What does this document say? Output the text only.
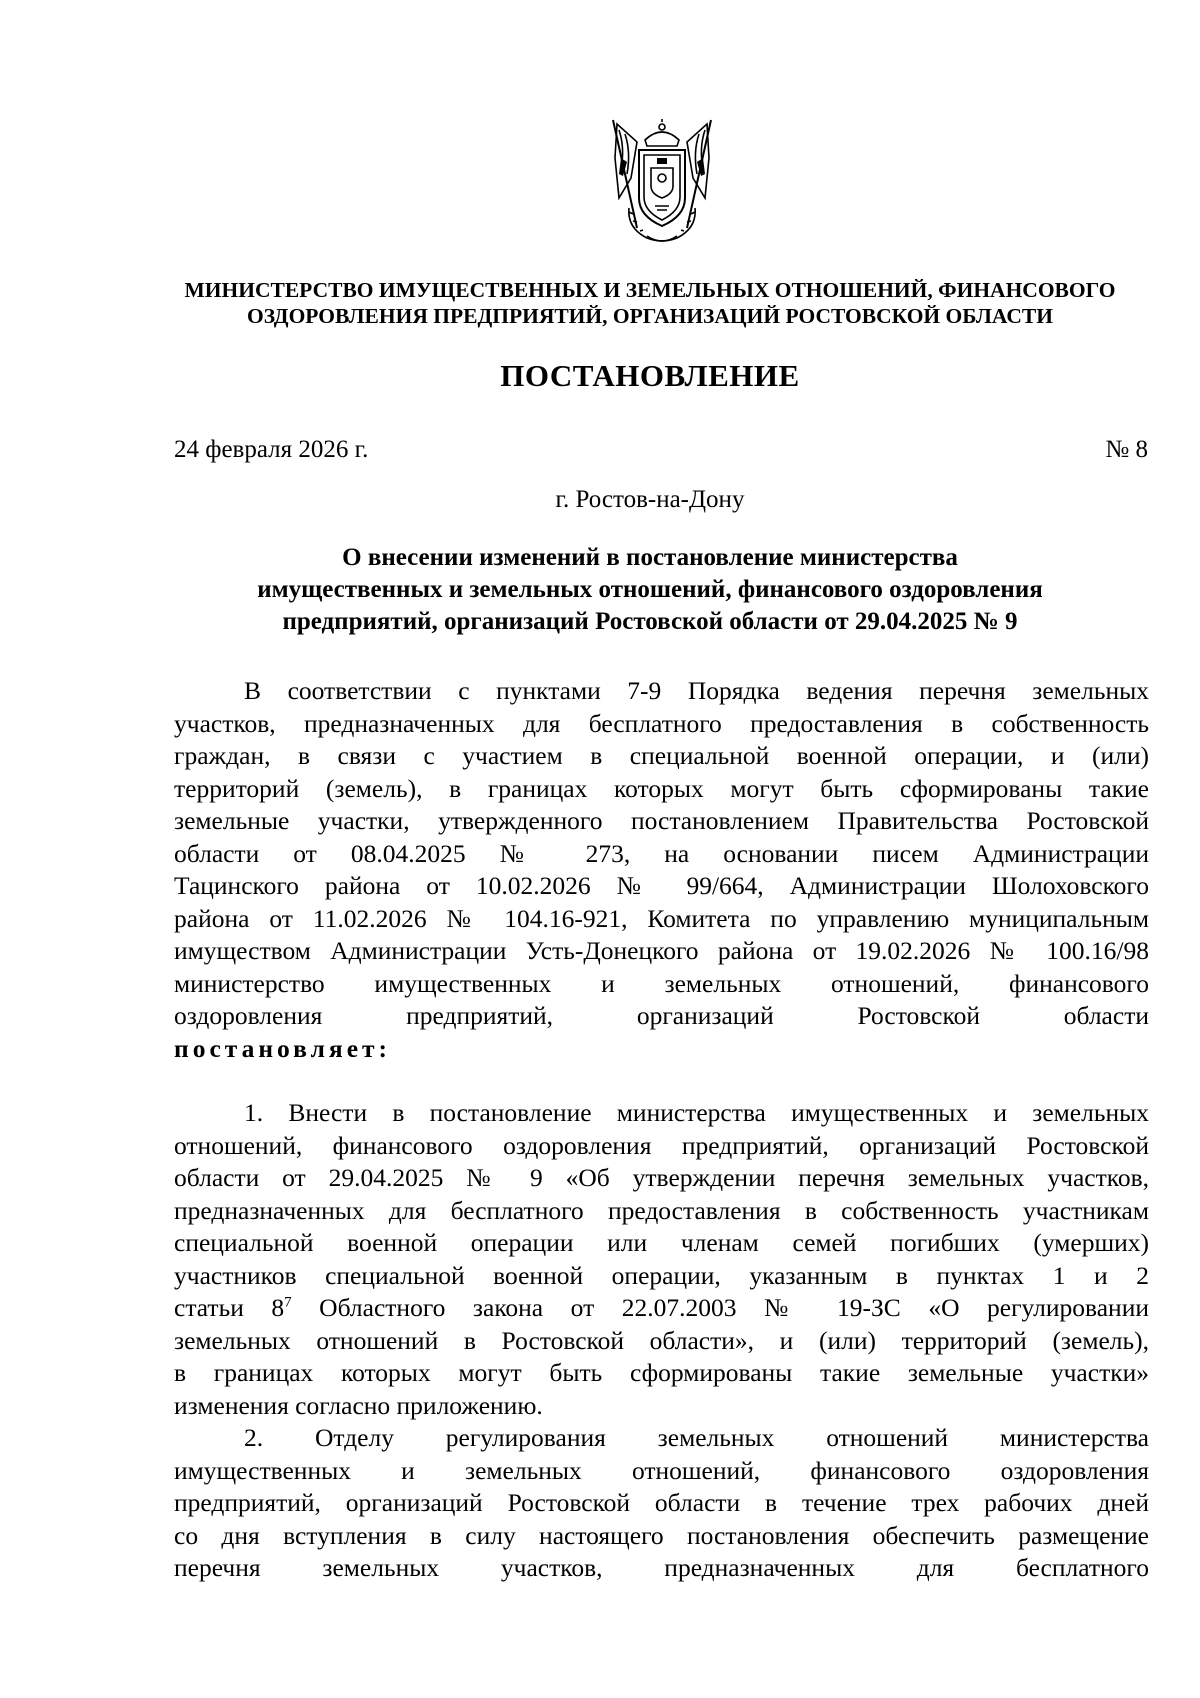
МИНИСТЕРСТВО ИМУЩЕСТВЕННЫХ И ЗЕМЕЛЬНЫХ ОТНОШЕНИЙ, ФИНАНСОВОГО
ОЗДОРОВЛЕНИЯ ПРЕДПРИЯТИЙ, ОРГАНИЗАЦИЙ РОСТОВСКОЙ ОБЛАСТИ
ПОСТАНОВЛЕНИЕ
24 февраля 2026 г.	№ 8
г. Ростов-на-Дону
О внесении изменений в постановление министерства
имущественных и земельных отношений, финансового оздоровления
предприятий, организаций Ростовской области от 29.04.2025 № 9
В соответствии с пунктами 7-9 Порядка ведения перечня земельных
участков, предназначенных для бесплатного предоставления в собственность
граждан, в связи с участием в специальной военной операции, и (или)
территорий (земель), в границах которых могут быть сформированы такие
земельные участки, утвержденного постановлением Правительства Ростовской
области от 08.04.2025 № 273, на основании писем Администрации
Тацинского района от 10.02.2026 № 99/664, Администрации Шолоховского
района от 11.02.2026 № 104.16-921, Комитета по управлению муниципальным
имуществом Администрации Усть-Донецкого района от 19.02.2026 № 100.16/98
министерство имущественных и земельных отношений, финансового
оздоровления предприятий, организаций Ростовской области
постановляет:
1. Внести в постановление министерства имущественных и земельных
отношений, финансового оздоровления предприятий, организаций Ростовской
области от 29.04.2025 № 9 «Об утверждении перечня земельных участков,
предназначенных для бесплатного предоставления в собственность участникам
специальной военной операции или членам семей погибших (умерших)
участников специальной военной операции, указанным в пунктах 1 и 2
статьи $8^7$ Областного закона от 22.07.2003 № 19-ЗС «О регулировании
земельных отношений в Ростовской области», и (или) территорий (земель),
в границах которых могут быть сформированы такие земельные участки»
изменения согласно приложению.
2. Отделу регулирования земельных отношений министерства
имущественных и земельных отношений, финансового оздоровления
предприятий, организаций Ростовской области в течение трех рабочих дней
со дня вступления в силу настоящего постановления обеспечить размещение
перечня земельных участков, предназначенных для бесплатного
